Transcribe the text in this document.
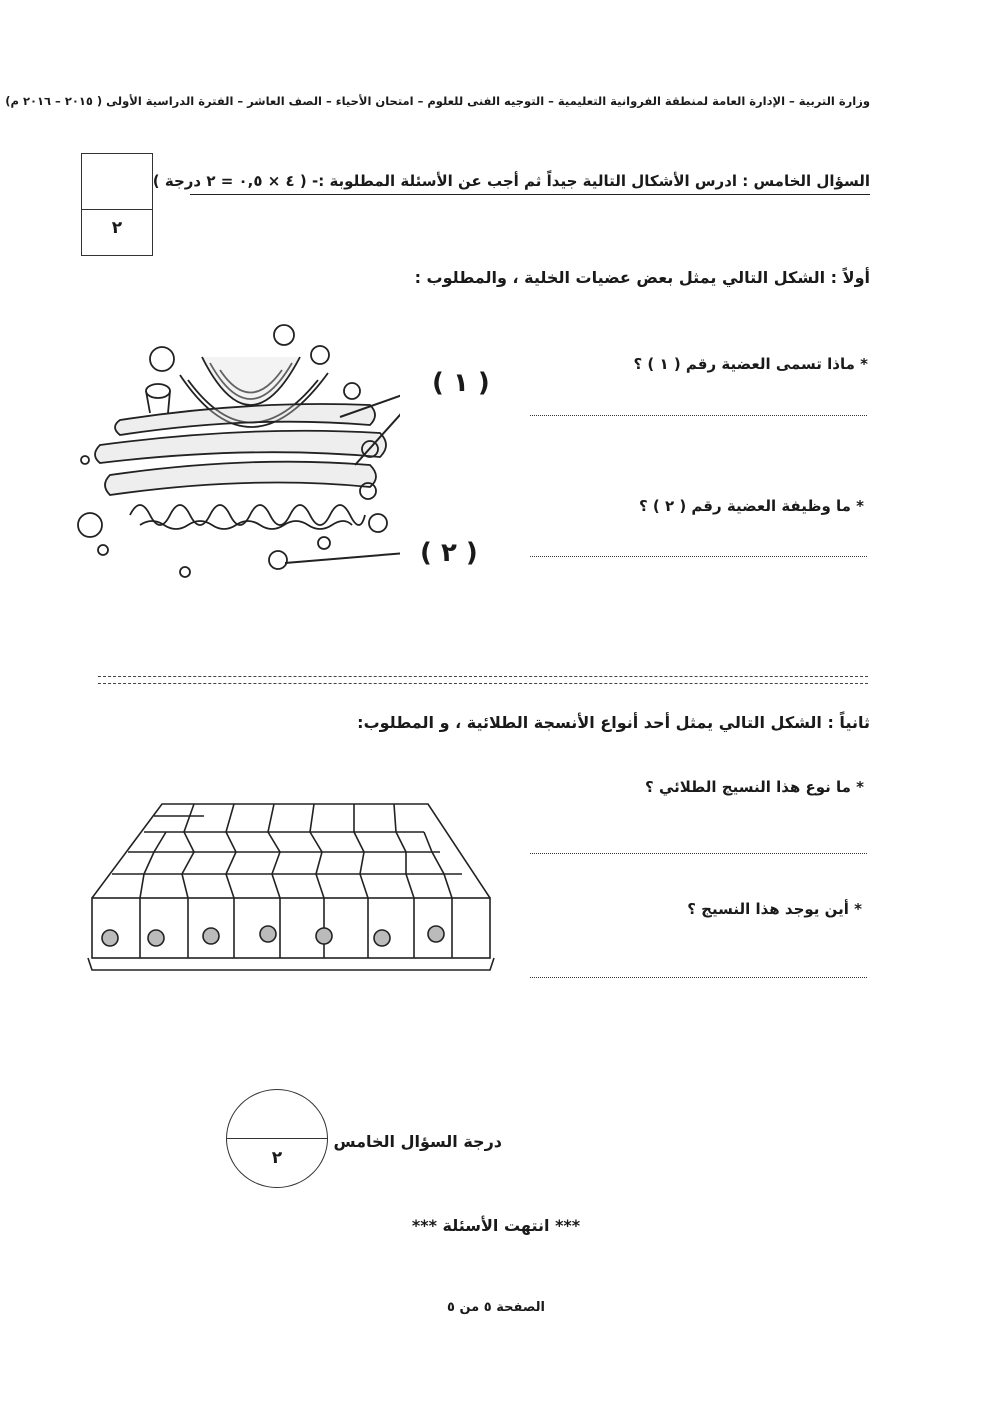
وزارة التربية – الإدارة العامة لمنطقة الفروانية التعليمية – التوجيه الفنى للعلوم – امتحان الأحياء – الصف العاشر – الفترة الدراسية الأولى ( ٢٠١٥ – ٢٠١٦ م)
٢
السؤال الخامس : ادرس الأشكال التالية جيداً ثم أجب عن الأسئلة المطلوبة :- ( ٤ × ٠,٥ = ٢ درجة )
أولاً : الشكل التالي يمثل بعض عضيات الخلية ، والمطلوب :
* ماذا تسمى العضية رقم ( ١ ) ؟
* ما وظيفة العضية رقم ( ٢ ) ؟
( ١ )
( ٢ )
ثانياً : الشكل التالي يمثل أحد أنواع الأنسجة الطلائية ، و المطلوب:
* ما نوع هذا النسيج الطلائي ؟
* أين يوجد هذا النسيج ؟
٢
درجة السؤال الخامس
*** انتهت الأسئلة ***
الصفحة ٥ من ٥
